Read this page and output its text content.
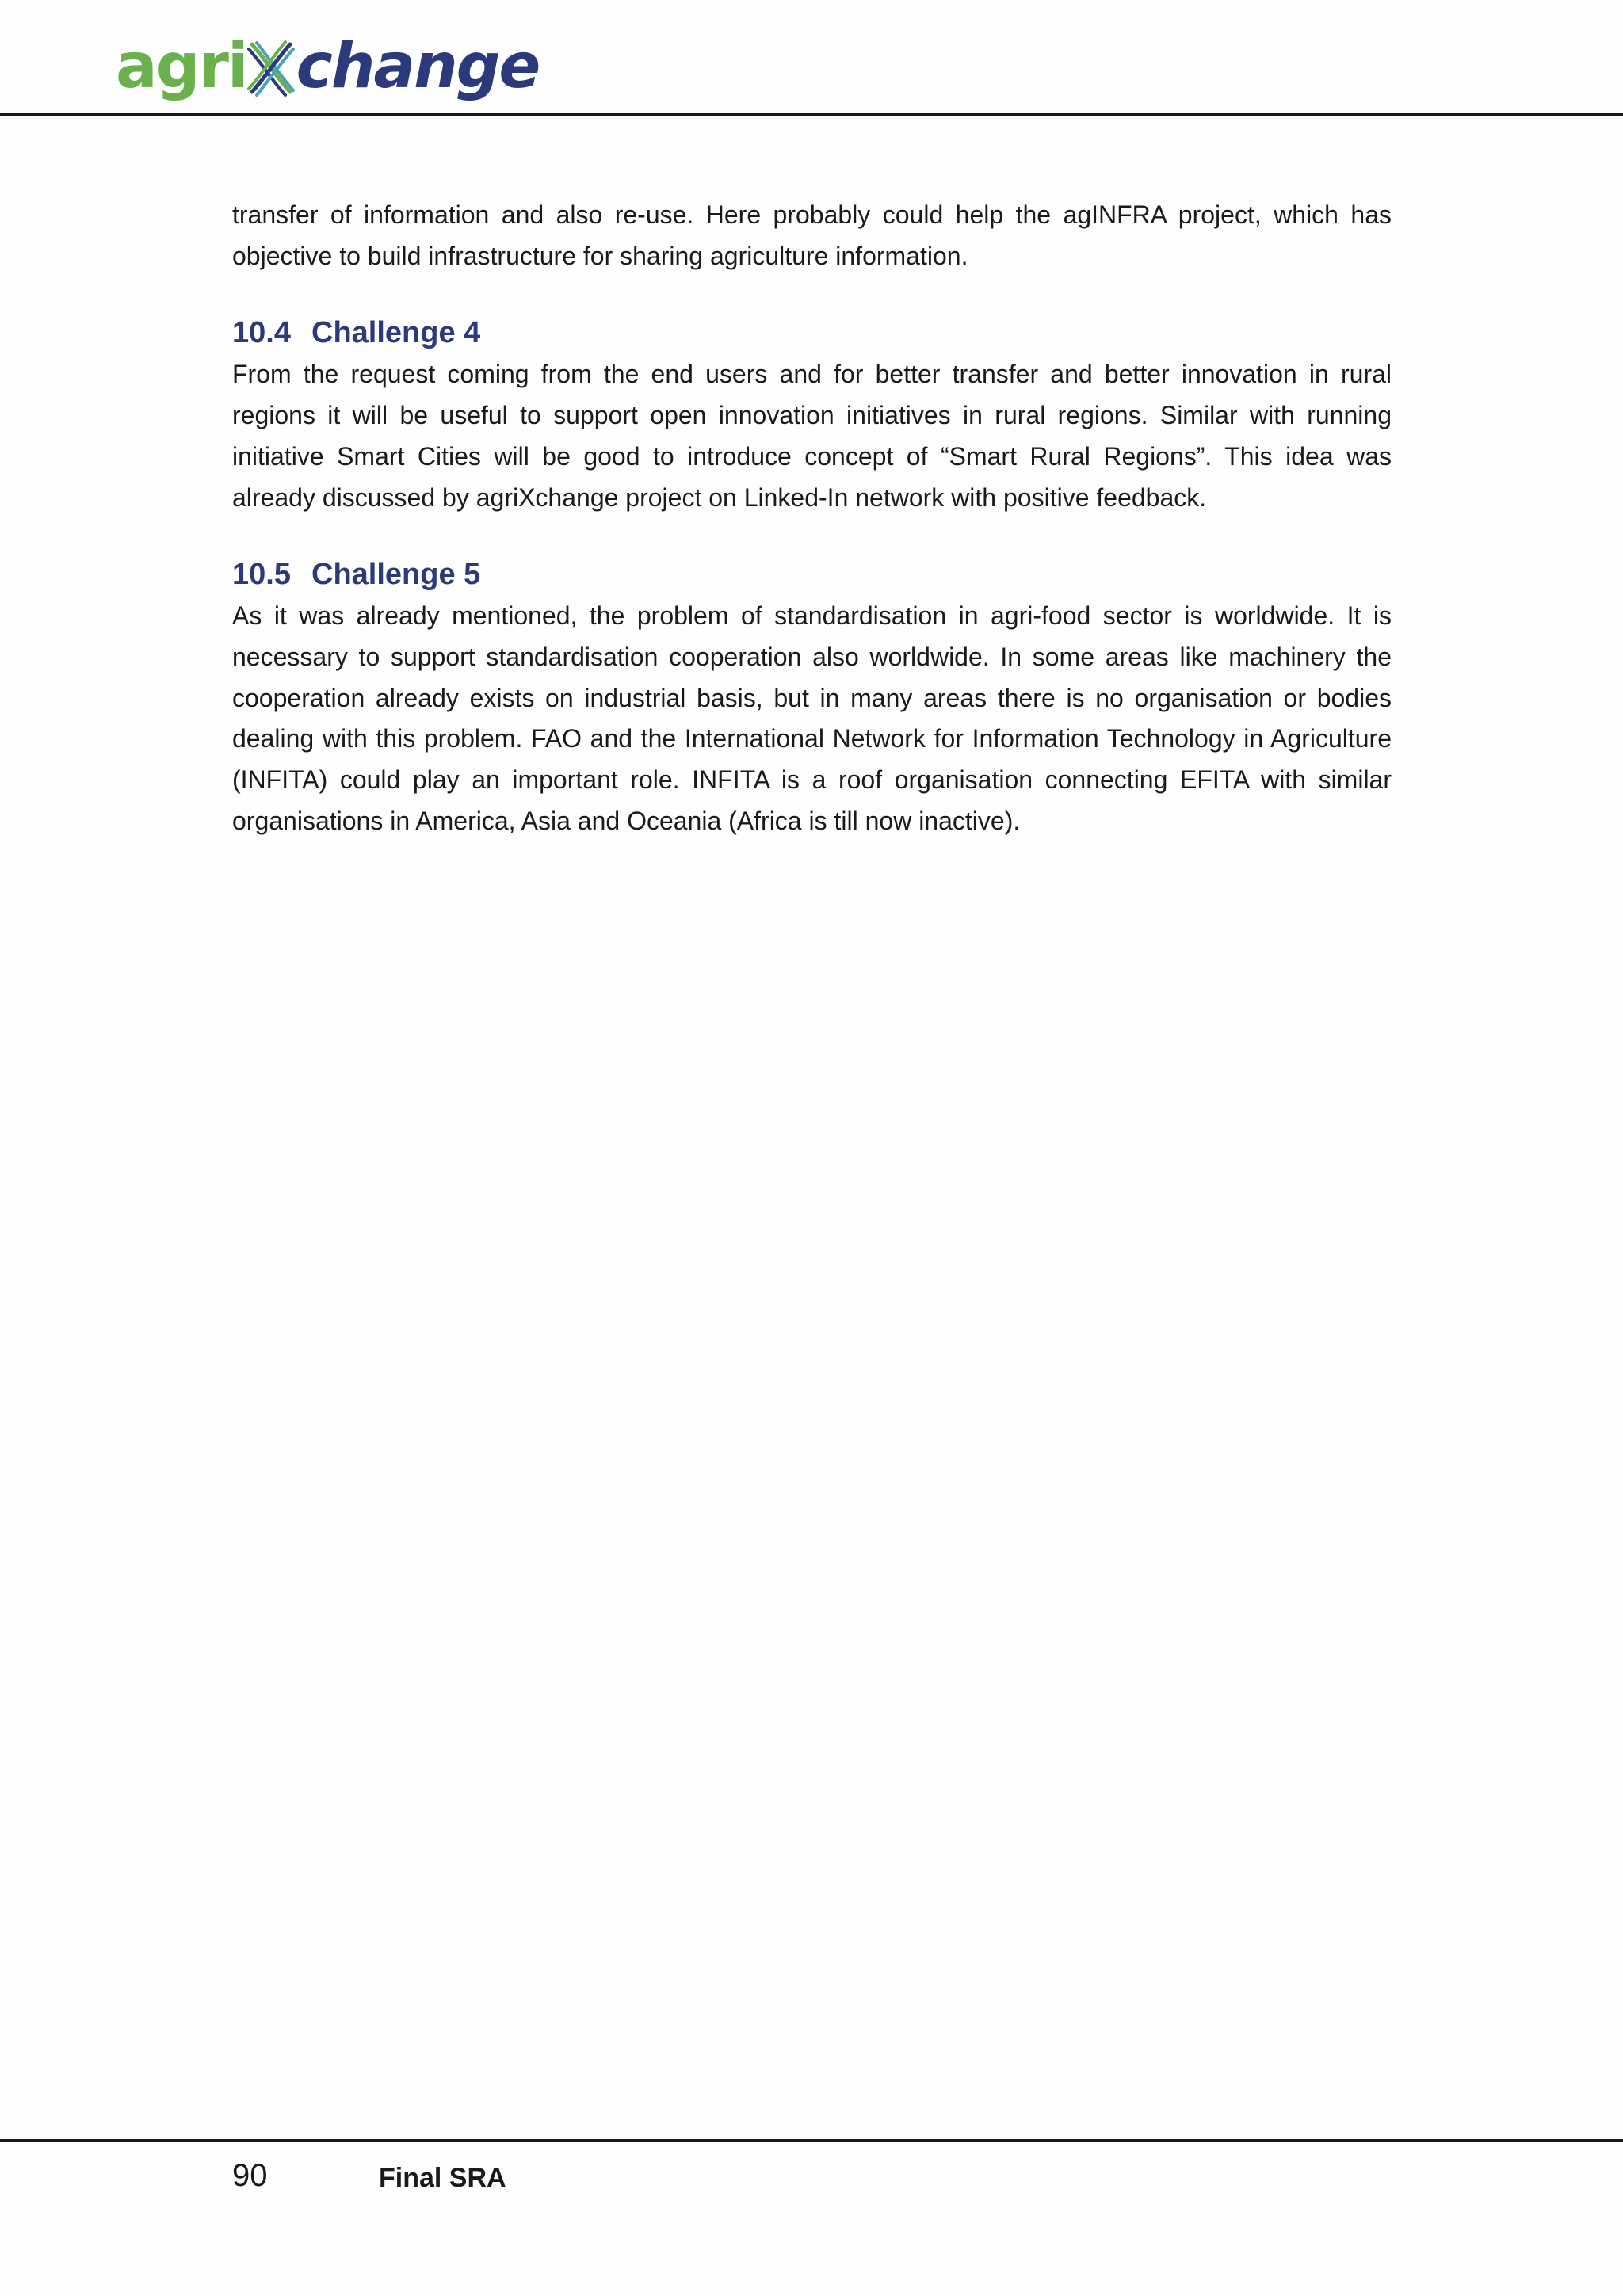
agri change

transfer of information and also re-use. Here probably could help the agINFRA project, which has objective to build infrastructure for sharing agriculture information.

10.4 Challenge 4

From the request coming from the end users and for better transfer and better innovation in rural regions it will be useful to support open innovation initiatives in rural regions. Similar with running initiative Smart Cities will be good to introduce concept of “Smart Rural Regions”. This idea was already discussed by agriXchange project on Linked-In network with positive feedback.

10.5 Challenge 5

As it was already mentioned, the problem of standardisation in agri-food sector is worldwide. It is necessary to support standardisation cooperation also worldwide. In some areas like machinery the cooperation already exists on industrial basis, but in many areas there is no organisation or bodies dealing with this problem. FAO and the International Network for Information Technology in Agriculture (INFITA) could play an important role. INFITA is a roof organisation connecting EFITA with similar organisations in America, Asia and Oceania (Africa is till now inactive).

90	Final SRA
